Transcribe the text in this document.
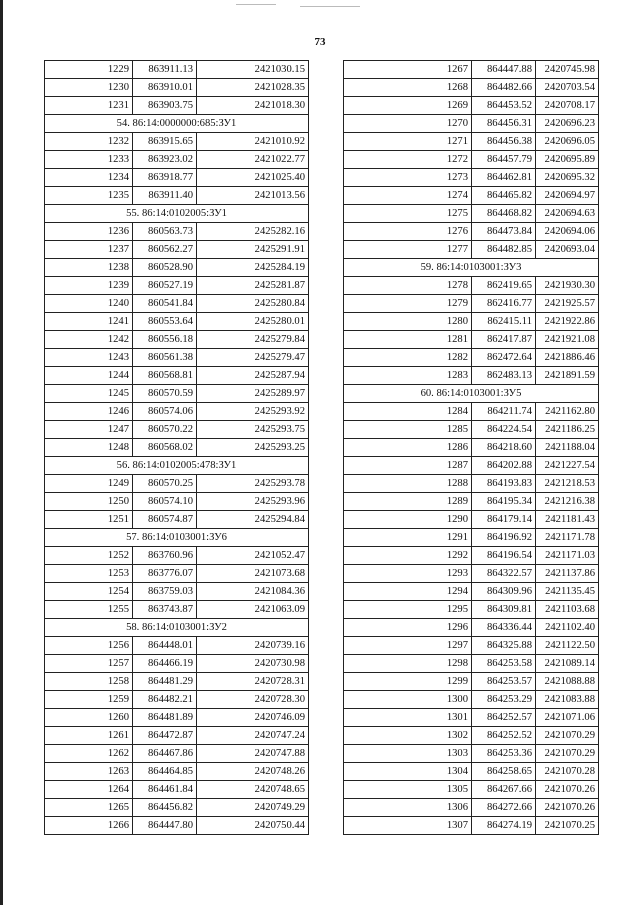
73
1229	863911.13	2421030.15
1230	863910.01	2421028.35
1231	863903.75	2421018.30
54. 86:14:0000000:685:ЗУ1		
1232	863915.65	2421010.92
1233	863923.02	2421022.77
1234	863918.77	2421025.40
1235	863911.40	2421013.56
55. 86:14:0102005:ЗУ1		
1236	860563.73	2425282.16
1237	860562.27	2425291.91
1238	860528.90	2425284.19
1239	860527.19	2425281.87
1240	860541.84	2425280.84
1241	860553.64	2425280.01
1242	860556.18	2425279.84
1243	860561.38	2425279.47
1244	860568.81	2425287.94
1245	860570.59	2425289.97
1246	860574.06	2425293.92
1247	860570.22	2425293.75
1248	860568.02	2425293.25
56. 86:14:0102005:478:ЗУ1		
1249	860570.25	2425293.78
1250	860574.10	2425293.96
1251	860574.87	2425294.84
57. 86:14:0103001:ЗУ6		
1252	863760.96	2421052.47
1253	863776.07	2421073.68
1254	863759.03	2421084.36
1255	863743.87	2421063.09
58. 86:14:0103001:ЗУ2		
1256	864448.01	2420739.16
1257	864466.19	2420730.98
1258	864481.29	2420728.31
1259	864482.21	2420728.30
1260	864481.89	2420746.09
1261	864472.87	2420747.24
1262	864467.86	2420747.88
1263	864464.85	2420748.26
1264	864461.84	2420748.65
1265	864456.82	2420749.29
1266	864447.80	2420750.44
1267	864447.88	2420745.98
1268	864482.66	2420703.54
1269	864453.52	2420708.17
1270	864456.31	2420696.23
1271	864456.38	2420696.05
1272	864457.79	2420695.89
1273	864462.81	2420695.32
1274	864465.82	2420694.97
1275	864468.82	2420694.63
1276	864473.84	2420694.06
1277	864482.85	2420693.04
59. 86:14:0103001:ЗУ3		
1278	862419.65	2421930.30
1279	862416.77	2421925.57
1280	862415.11	2421922.86
1281	862417.87	2421921.08
1282	862472.64	2421886.46
1283	862483.13	2421891.59
60. 86:14:0103001:ЗУ5		
1284	864211.74	2421162.80
1285	864224.54	2421186.25
1286	864218.60	2421188.04
1287	864202.88	2421227.54
1288	864193.83	2421218.53
1289	864195.34	2421216.38
1290	864179.14	2421181.43
1291	864196.92	2421171.78
1292	864196.54	2421171.03
1293	864322.57	2421137.86
1294	864309.96	2421135.45
1295	864309.81	2421103.68
1296	864336.44	2421102.40
1297	864325.88	2421122.50
1298	864253.58	2421089.14
1299	864253.57	2421088.88
1300	864253.29	2421083.88
1301	864252.57	2421071.06
1302	864252.52	2421070.29
1303	864253.36	2421070.29
1304	864258.65	2421070.28
1305	864267.66	2421070.26
1306	864272.66	2421070.26
1307	864274.19	2421070.25
